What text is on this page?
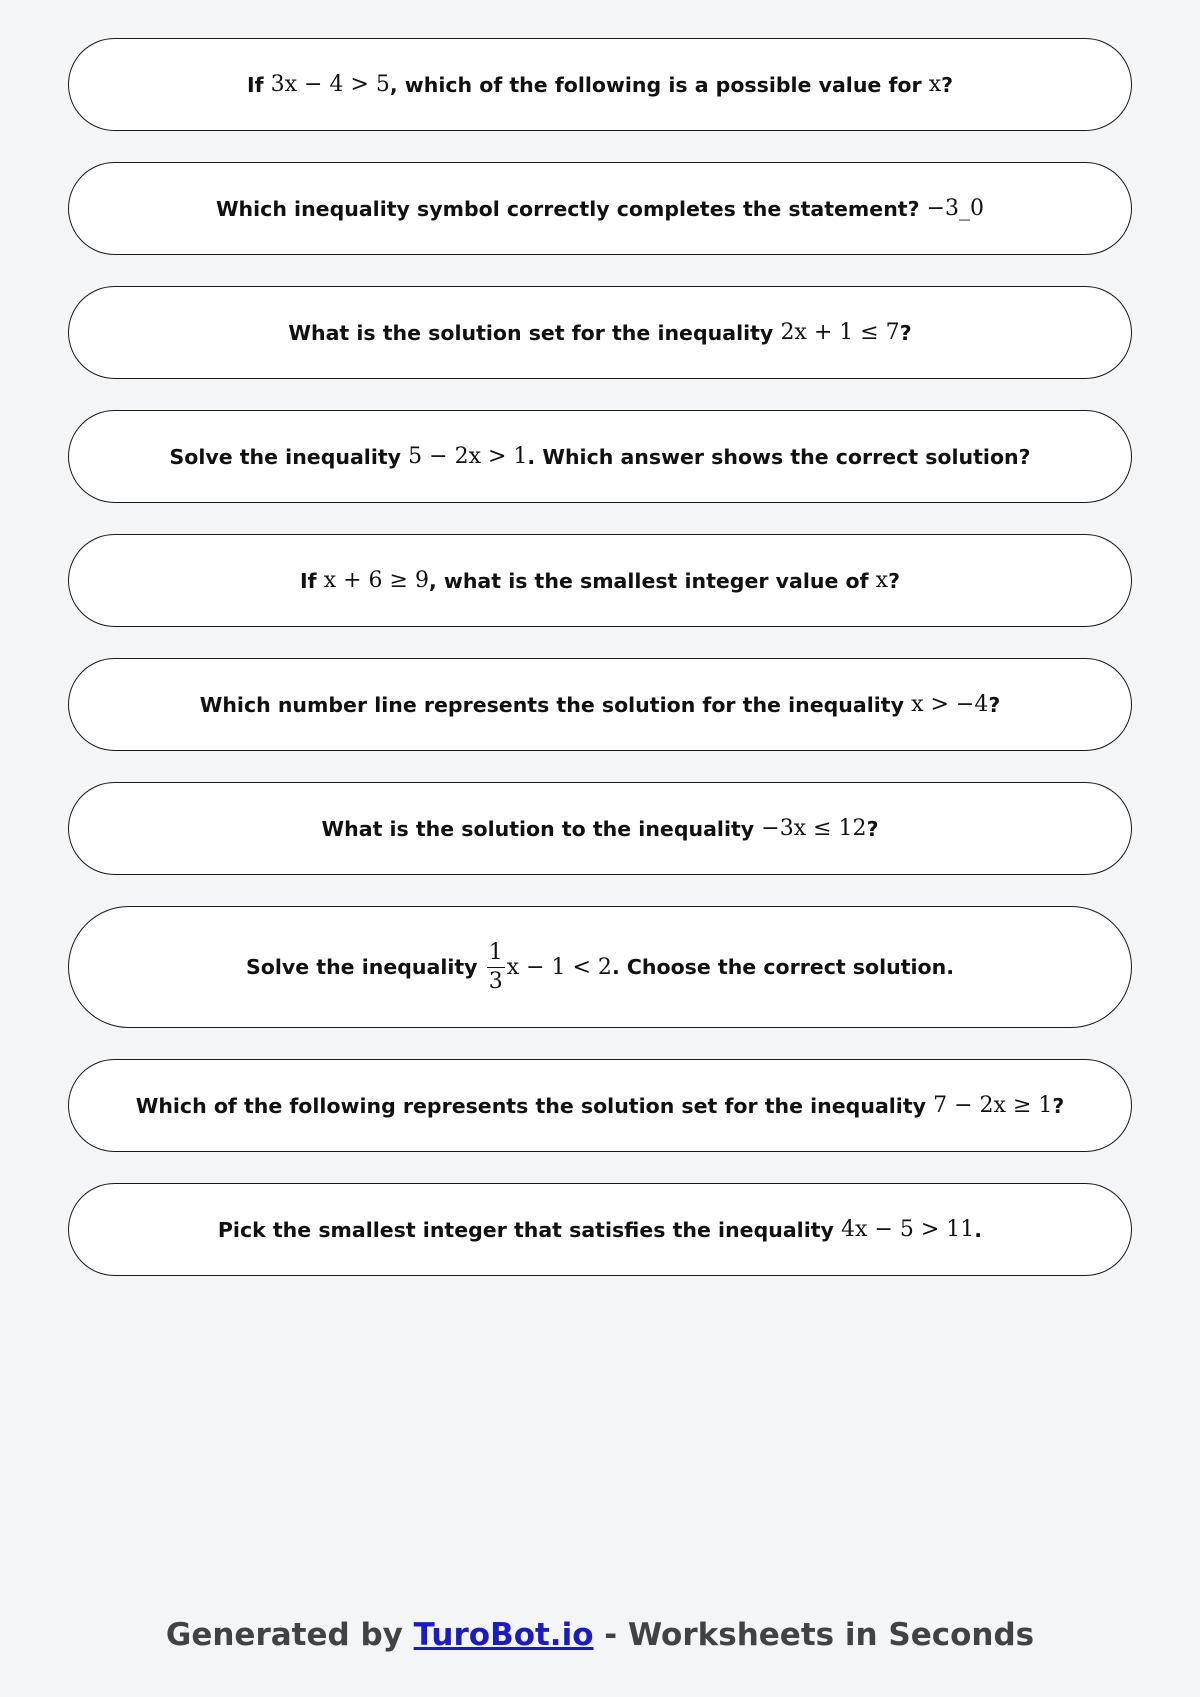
If
3x − 4 > 5 , which of the following is a possible value for
x ?
Which inequality symbol correctly completes the statement?
−3_0
What is the solution set for the inequality
2x + 1 ≤ 7 ?
Solve the inequality
5 − 2x > 1 . Which answer shows the correct solution?
If
x + 6 ≥ 9 , what is the smallest integer value of
x ?
Which number line represents the solution for the inequality
x > −4 ?
What is the solution to the inequality
−3x ≤ 12 ?
Solve the inequality
$\frac{1}{3}$ x − 1 < 2 . Choose the correct solution.
Which of the following represents the solution set for the inequality
7 − 2x ≥ 1 ?
Pick the smallest integer that satisfies the inequality
4x − 5 > 11 .
Generated by TuroBot.io - Worksheets in Seconds
